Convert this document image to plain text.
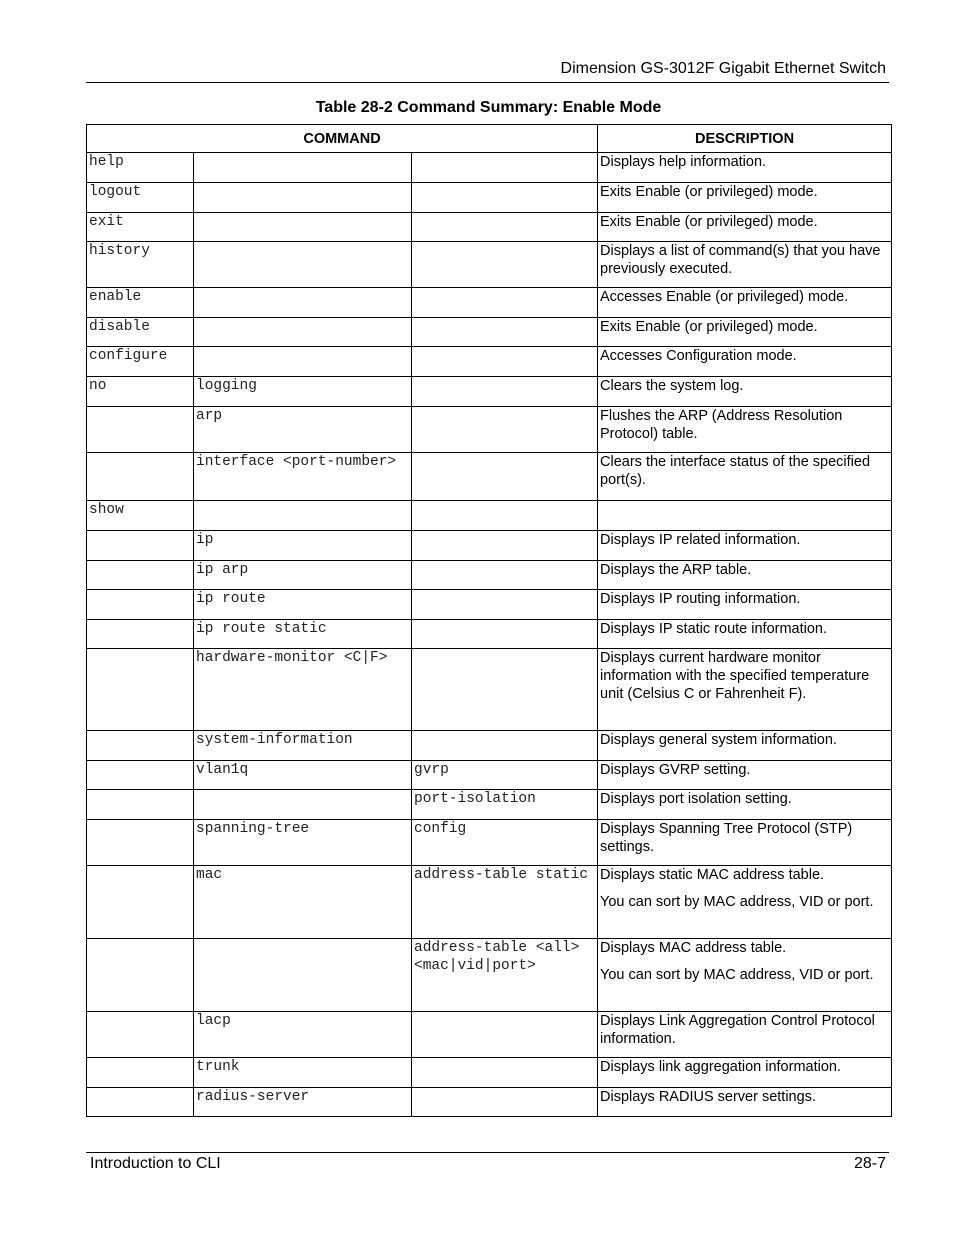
Dimension GS-3012F Gigabit Ethernet Switch
Table 28-2 Command Summary: Enable Mode
COMMAND			DESCRIPTION
help			Displays help information.

logout			Exits Enable (or privileged) mode.

exit			Exits Enable (or privileged) mode.

history			Displays a list of command(s) that you have previously executed.

enable			Accesses Enable (or privileged) mode.

disable			Exits Enable (or privileged) mode.

configure			Accesses Configuration mode.

no	logging		Clears the system log.

	arp		Flushes the ARP (Address Resolution Protocol) table.

	interface <port-number>		Clears the interface status of the specified port(s).

show			
	ip		Displays IP related information.

	ip arp		Displays the ARP table.

	ip route		Displays IP routing information.

	ip route static		Displays IP static route information.

	hardware-monitor <C|F>		Displays current hardware monitor information with the specified temperature unit (Celsius C or Fahrenheit F).

	system-information		Displays general system information.

	vlan1q	gvrp	Displays GVRP setting.

		port-isolation	Displays port isolation setting.

	spanning-tree	config	Displays Spanning Tree Protocol (STP) settings.

	mac	address-table static	Displays static MAC address table.
You can sort by MAC address, VID or port.

		address-table <all> <mac|vid|port>	Displays MAC address table.
You can sort by MAC address, VID or port.

	lacp		Displays Link Aggregation Control Protocol information.

	trunk		Displays link aggregation information.

	radius-server		Displays RADIUS server settings.
Introduction to CLI	28-7
